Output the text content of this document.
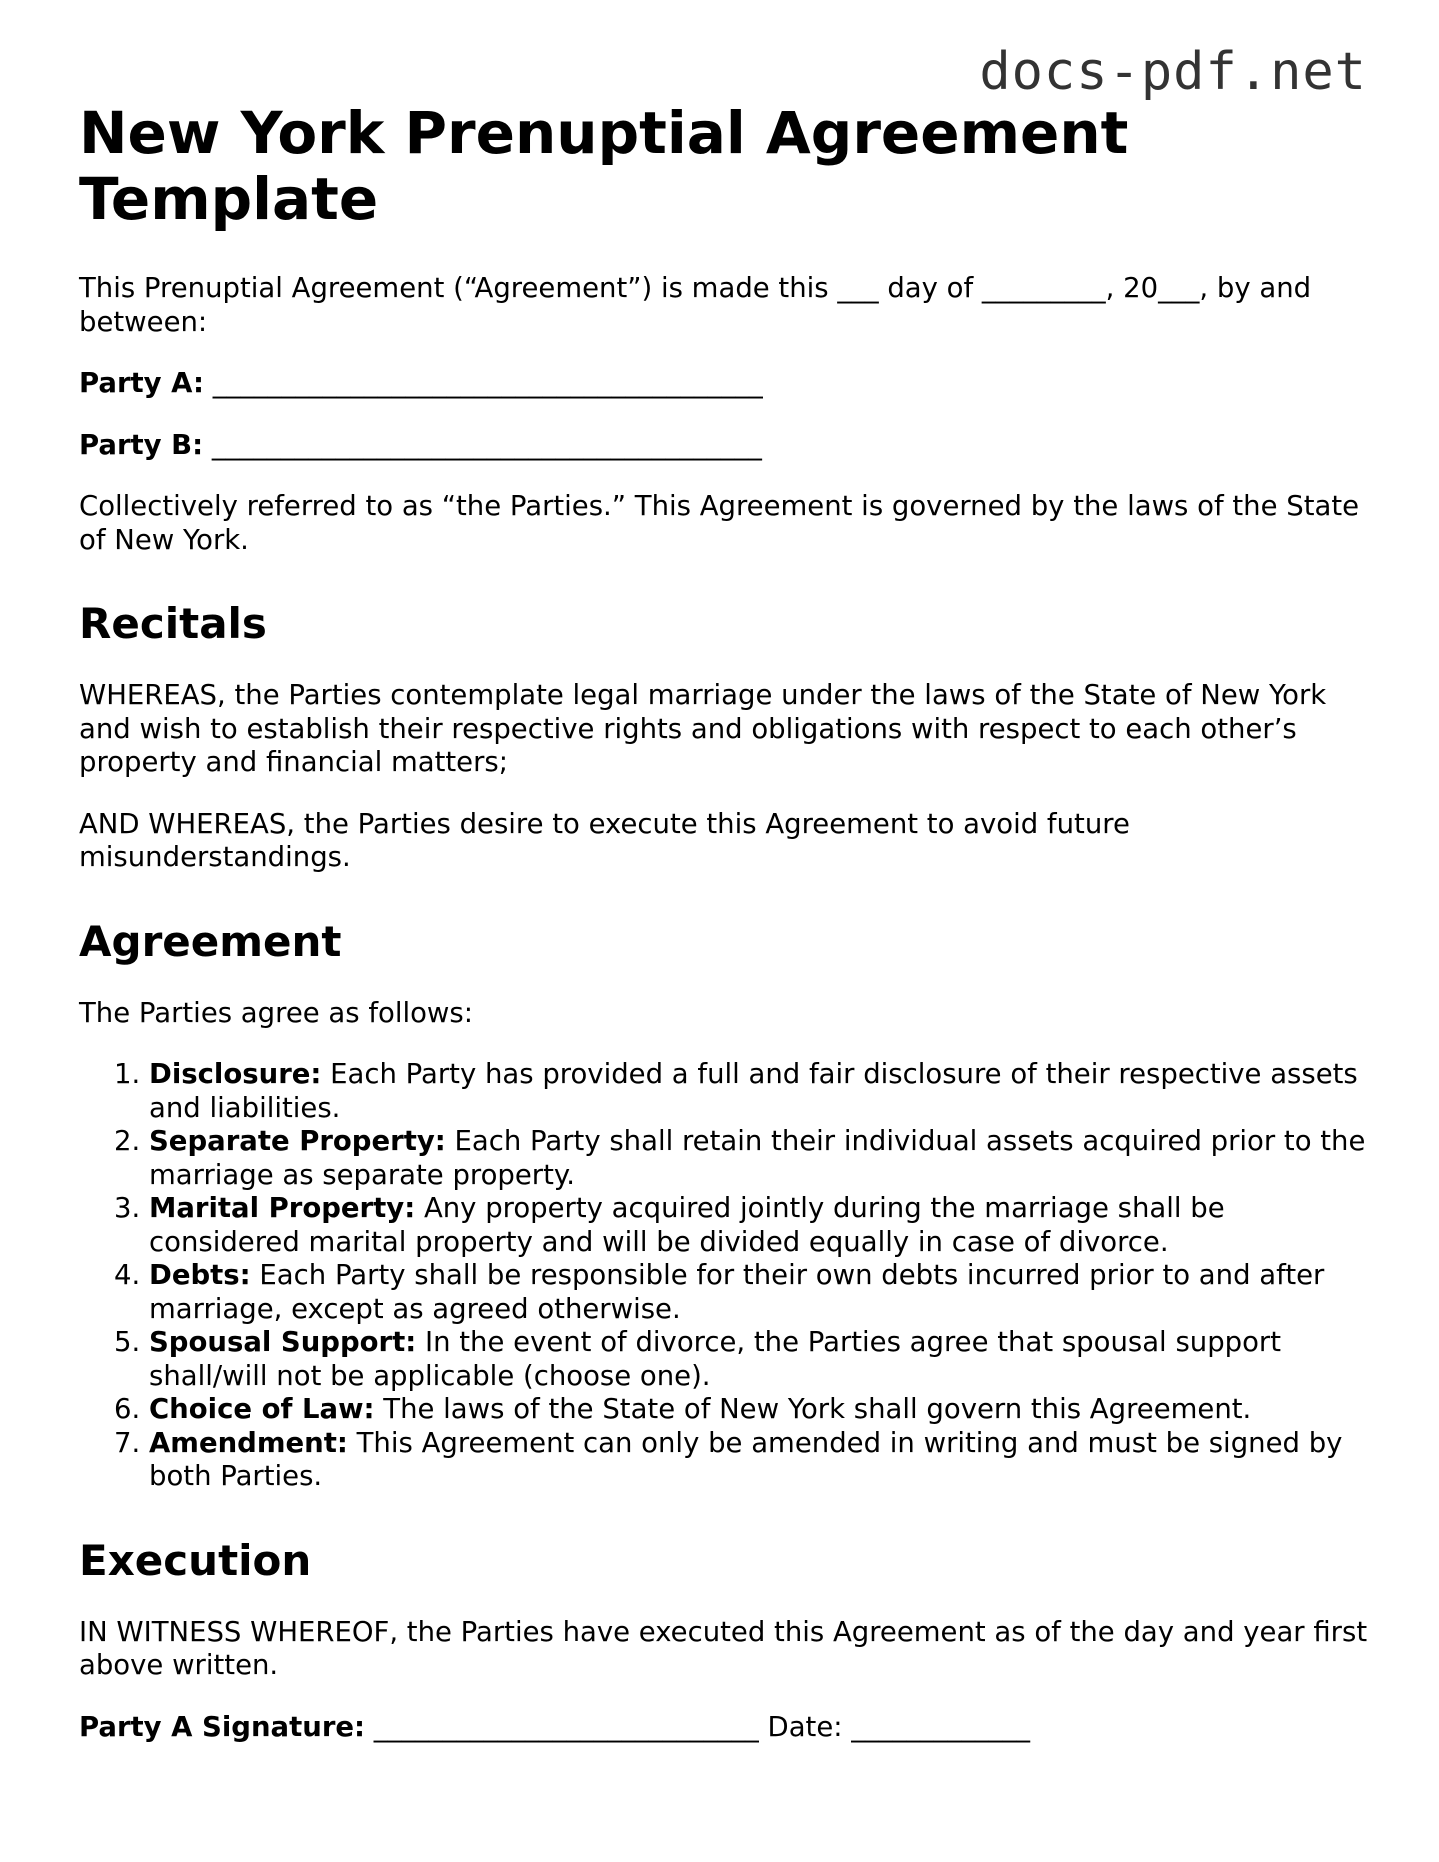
docs-pdf.net
New York Prenuptial Agreement Template

This Prenuptial Agreement (“Agreement”) is made this ___ day of _________, 20___, by and between:

Party A: ________________________________________
Party B: ________________________________________

Collectively referred to as “the Parties.” This Agreement is governed by the laws of the State of New York.

Recitals

WHEREAS, the Parties contemplate legal marriage under the laws of the State of New York and wish to establish their respective rights and obligations with respect to each other’s property and financial matters;

AND WHEREAS, the Parties desire to execute this Agreement to avoid future misunderstandings.

Agreement

The Parties agree as follows:

1. Disclosure: Each Party has provided a full and fair disclosure of their respective assets and liabilities.
2. Separate Property: Each Party shall retain their individual assets acquired prior to the marriage as separate property.
3. Marital Property: Any property acquired jointly during the marriage shall be considered marital property and will be divided equally in case of divorce.
4. Debts: Each Party shall be responsible for their own debts incurred prior to and after marriage, except as agreed otherwise.
5. Spousal Support: In the event of divorce, the Parties agree that spousal support shall/will not be applicable (choose one).
6. Choice of Law: The laws of the State of New York shall govern this Agreement.
7. Amendment: This Agreement can only be amended in writing and must be signed by both Parties.
Execution

IN WITNESS WHEREOF, the Parties have executed this Agreement as of the day and year first above written.

Party A Signature: ____________________________ Date: _____________
